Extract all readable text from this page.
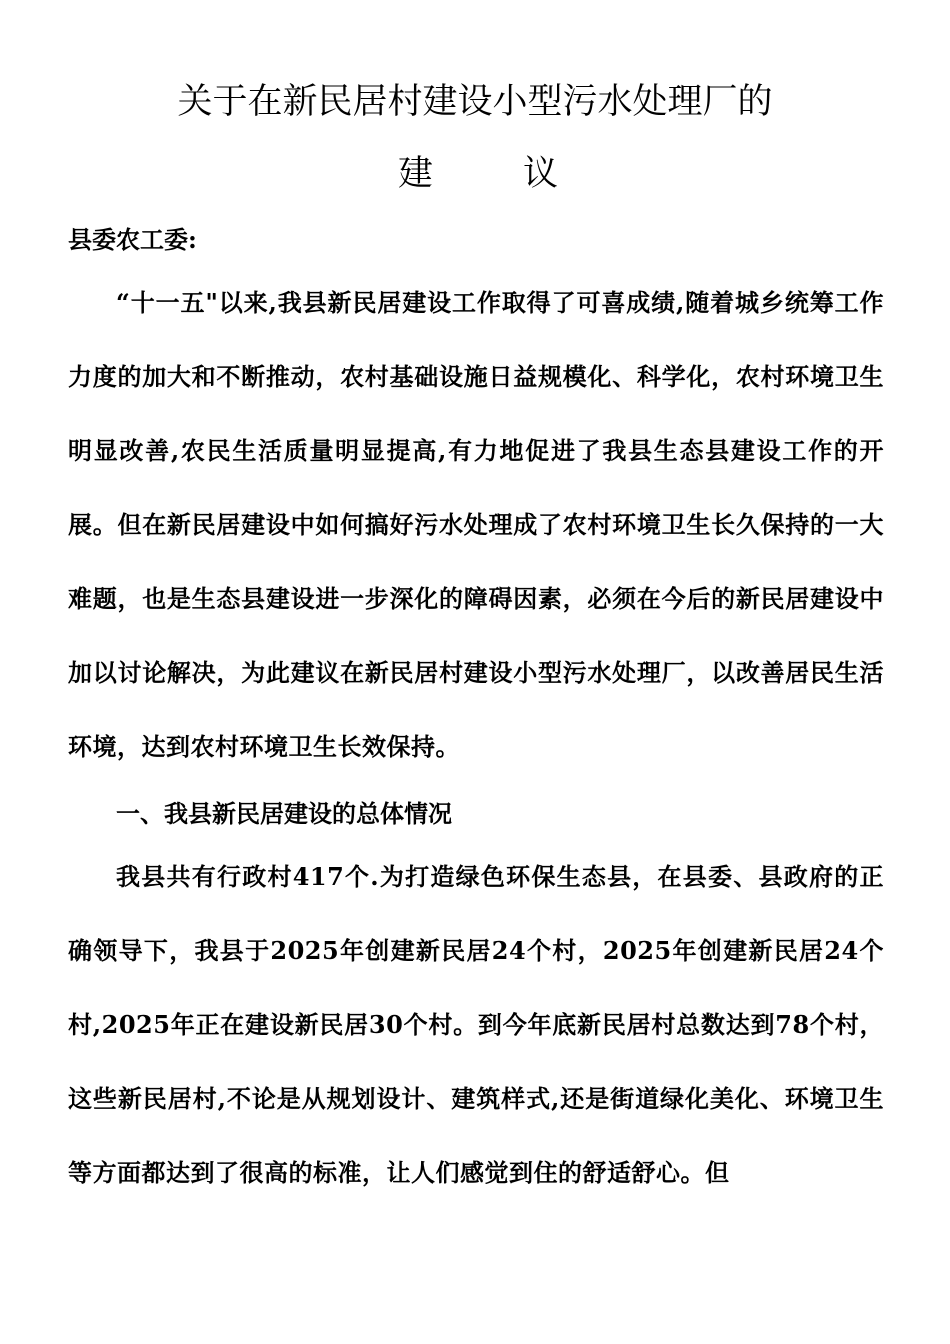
关于在新民居村建设小型污水处理厂的
建	议

县委农工委:

“十一五"以来,我县新民居建设工作取得了可喜成绩,随着城乡统筹工作力度的加大和不断推动，农村基础设施日益规模化、科学化，农村环境卫生明显改善,农民生活质量明显提高,有力地促进了我县生态县建设工作的开展。但在新民居建设中如何搞好污水处理成了农村环境卫生长久保持的一大难题，也是生态县建设进一步深化的障碍因素，必须在今后的新民居建设中加以讨论解决，为此建议在新民居村建设小型污水处理厂，以改善居民生活环境，达到农村环境卫生长效保持。

一、我县新民居建设的总体情况

我县共有行政村417个.为打造绿色环保生态县，在县委、县政府的正确领导下，我县于2025年创建新民居24个村，2025年创建新民居24个村,2025年正在建设新民居30个村。到今年底新民居村总数达到78个村，这些新民居村,不论是从规划设计、建筑样式,还是街道绿化美化、环境卫生等方面都达到了很高的标准，让人们感觉到住的舒适舒心。但
